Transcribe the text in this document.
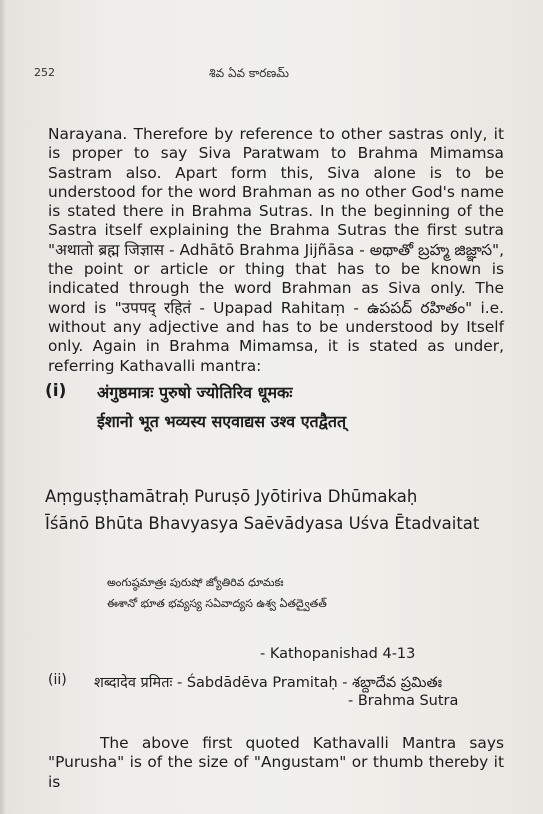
252	శివ ఏవ కారణమ్
Narayana. Therefore by reference to other sastras only, it is proper to say Siva Paratwam to Brahma Mimamsa Sastram also. Apart form this, Siva alone is to be understood for the word Brahman as no other God's name is stated there in Brahma Sutras. In the beginning of the Sastra itself explaining the Brahma Sutras the first sutra "अथातो ब्रह्म जिज्ञास - Adhātō Brahma Jijñāsa - అథాతో బ్రహ్మ జిజ్ఞాస", the point or article or thing that has to be known is indicated through the word Brahman as Siva only. The word is "उपपद् रहितं - Upapad Rahitaṃ - ఉపపద్ రహితం" i.e. without any adjective and has to be understood by Itself only. Again in Brahma Mimamsa, it is stated as under, referring Kathavalli mantra:
(i) अंगुष्ठमात्रः पुरुषो ज्योतिरिव धूमकः
ईशानो भूत भव्यस्य सएवाद्यस उश्व एतद्वैतत्
Aṃguṣṭhamātraḥ Puruṣō Jyōtiriva Dhūmakaḥ
Īśānō Bhūta Bhavyasya Saēvādyasa Uśva Ētadvaitat
అంగుష్ఠమాత్రః పురుషో జ్యోతిరివ ధూమకః
ఈశానో భూత భవ్యస్య సఏవాద్యస ఉశ్వ ఏతద్వైతత్
- Kathopanishad 4-13
(ii) शब्दादेव प्रमितः - Śabdādēva Pramitaḥ - శబ్దాదేవ ప్రమితః
- Brahma Sutra
The above first quoted Kathavalli Mantra says "Purusha" is of the size of "Angustam" or thumb thereby it is
